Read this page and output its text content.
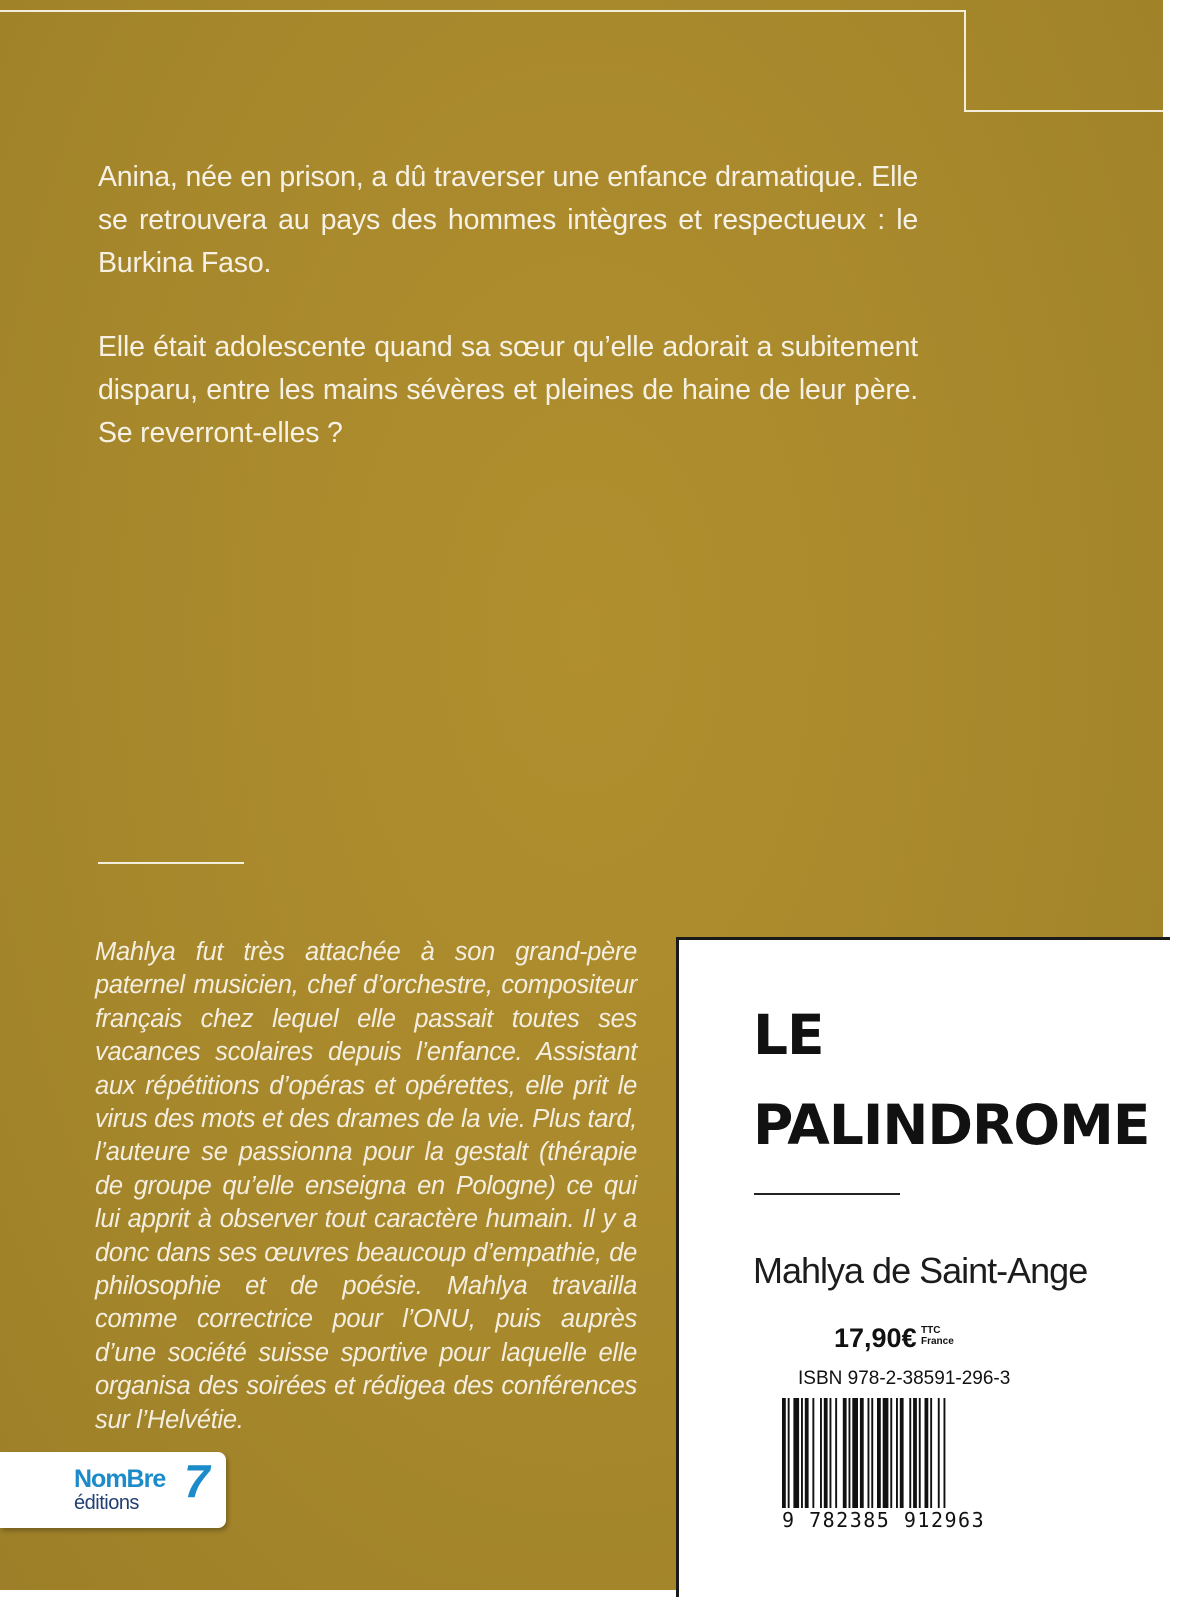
Anina, née en prison, a dû traverser une enfance dramatique. Elle se retrouvera au pays des hommes intègres et respectueux : le Burkina Faso.

Elle était adolescente quand sa sœur qu’elle adorait a subitement disparu, entre les mains sévères et pleines de haine de leur père. Se reverront-elles ?

Mahlya fut très attachée à son grand-père paternel musicien, chef d’orchestre, compositeur français chez lequel elle passait toutes ses vacances scolaires depuis l’enfance. Assistant aux répétitions d’opéras et opérettes, elle prit le virus des mots et des drames de la vie. Plus tard, l’auteure se passionna pour la gestalt (thérapie de groupe qu’elle enseigna en Pologne) ce qui lui apprit à observer tout caractère humain. Il y a donc dans ses œuvres beaucoup d’empathie, de philosophie et de poésie. Mahlya travailla comme correctrice pour l’ONU, puis auprès d’une société suisse sportive pour laquelle elle organisa des soirées et rédigea des conférences sur l’Helvétie.
NomBre 7
éditions
LE
PALINDROME
Mahlya de Saint-Ange
17,90€ TTC
France
ISBN 978-2-38591-296-3
9 782385 912963
